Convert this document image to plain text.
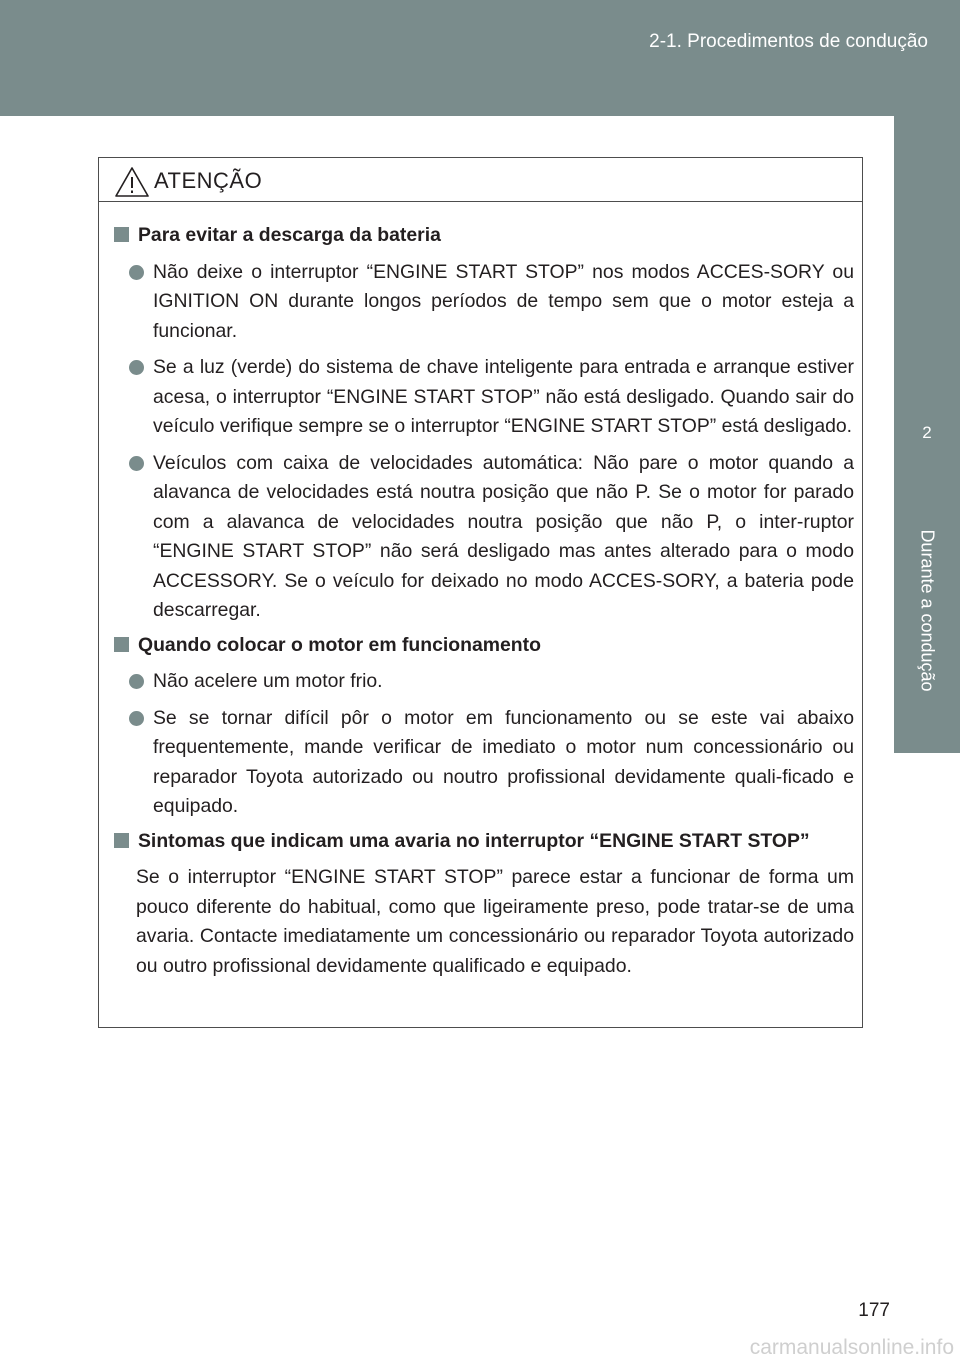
2-1. Procedimentos de condução
2
Durante a condução
ATENÇÃO
Para evitar a descarga da bateria
Não deixe o interruptor “ENGINE START STOP” nos modos ACCES-SORY ou IGNITION ON durante longos períodos de tempo sem que o motor esteja a funcionar.
Se a luz (verde) do sistema de chave inteligente para entrada e arranque estiver acesa, o interruptor “ENGINE START STOP” não está desligado. Quando sair do veículo verifique sempre se o interruptor “ENGINE START STOP” está desligado.
Veículos com caixa de velocidades automática: Não pare o motor quando a alavanca de velocidades está noutra posição que não P. Se o motor for parado com a alavanca de velocidades noutra posição que não P, o inter-ruptor “ENGINE START STOP” não será desligado mas antes alterado para o modo ACCESSORY. Se o veículo for deixado no modo ACCES-SORY, a bateria pode descarregar.
Quando colocar o motor em funcionamento
Não acelere um motor frio.
Se se tornar difícil pôr o motor em funcionamento ou se este vai abaixo frequentemente, mande verificar de imediato o motor num concessionário ou reparador Toyota autorizado ou noutro profissional devidamente quali-ficado e equipado.
Sintomas que indicam uma avaria no interruptor “ENGINE START STOP”
Se o interruptor “ENGINE START STOP” parece estar a funcionar de forma um pouco diferente do habitual, como que ligeiramente preso, pode tratar-se de uma avaria. Contacte imediatamente um concessionário ou reparador Toyota autorizado ou outro profissional devidamente qualificado e equipado.
177
carmanualsonline.info
